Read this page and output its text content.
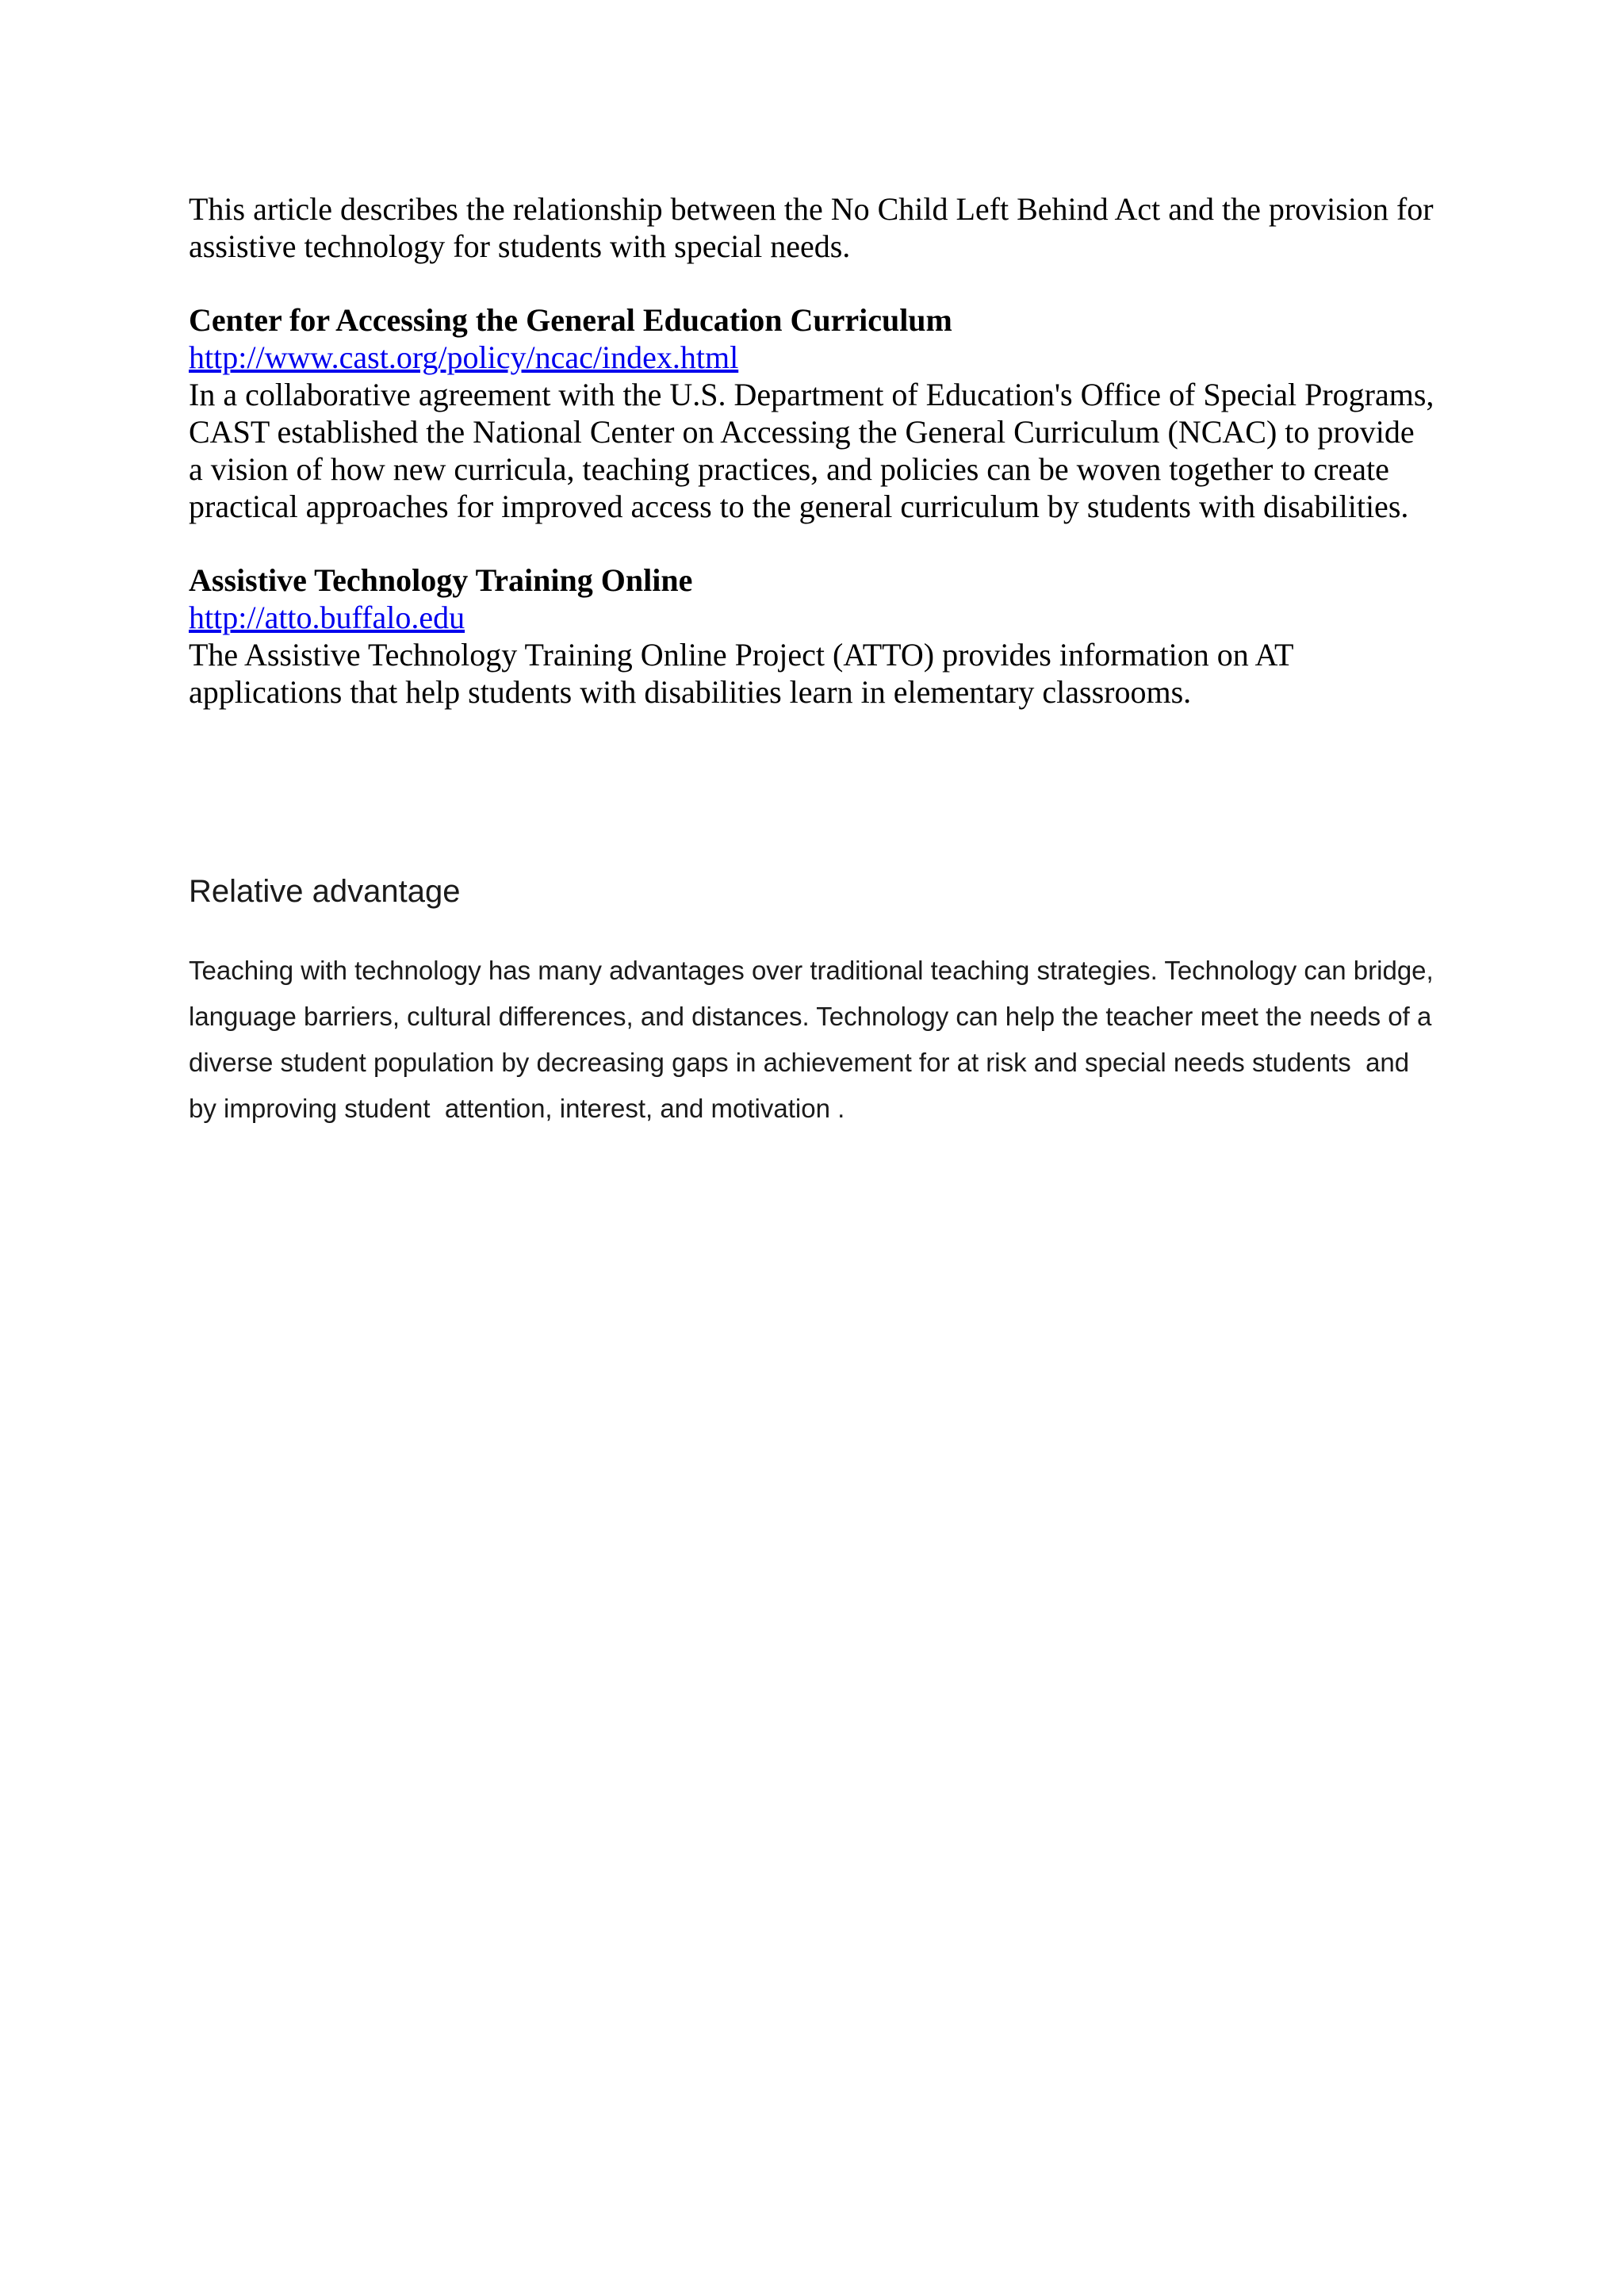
This article describes the relationship between the No Child Left Behind Act and the provision for assistive technology for students with special needs.

Center for Accessing the General Education Curriculum

http://www.cast.org/policy/ncac/index.html

In a collaborative agreement with the U.S. Department of Education's Office of Special Programs, CAST established the National Center on Accessing the General Curriculum (NCAC) to provide a vision of how new curricula, teaching practices, and policies can be woven together to create practical approaches for improved access to the general curriculum by students with disabilities.

Assistive Technology Training Online

http://atto.buffalo.edu

The Assistive Technology Training Online Project (ATTO) provides information on AT applications that help students with disabilities learn in elementary classrooms.

Relative advantage

Teaching with technology has many advantages over traditional teaching strategies. Technology can bridge, language barriers, cultural differences, and distances. Technology can help the teacher meet the needs of a diverse student population by decreasing gaps in achievement for at risk and special needs students  and by improving student  attention, interest, and motivation .
